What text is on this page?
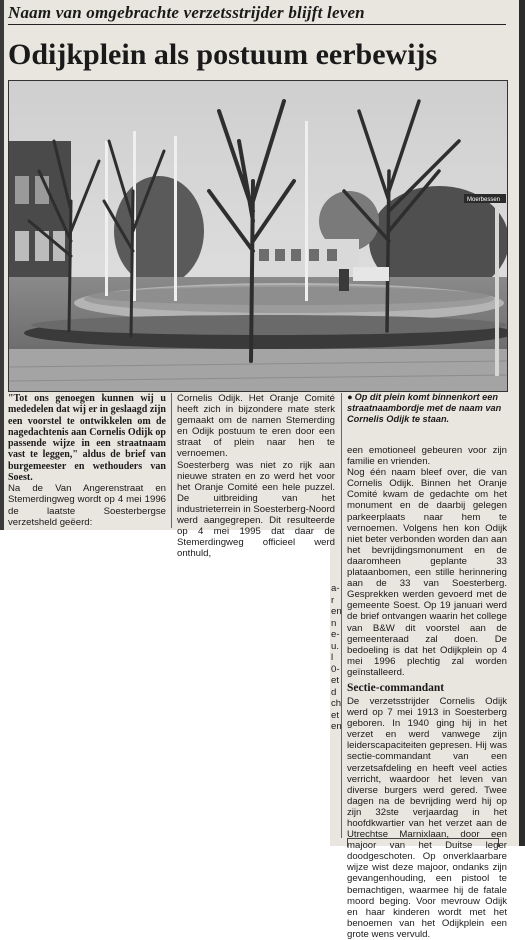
Naam van omgebrachte verzetsstrijder blijft leven
Odijkplein als postuum eerbewijs
Moerbessen
● Op dit plein komt binnenkort een straatnaambordje met de naam van Cornelis Odijk te staan.

"Tot ons genoegen kunnen wij u mededelen dat wij er in geslaagd zijn een voorstel te ontwikkelen om de nagedachtenis aan Cornelis Odijk op passende wijze in een straatnaam vast te leggen," aldus de brief van burgemeester en wethouders van Soest.

Na de Van Angerenstraat en Stemerdingweg wordt op 4 mei 1996 de laatste Soesterbergse verzetsheld geëerd:

Cornelis Odijk. Het Oranje Comité heeft zich in bijzondere mate sterk gemaakt om de namen Stemerding en Odijk postuum te eren door een straat of plein naar hen te vernoemen.

Soesterberg was niet zo rijk aan nieuwe straten en zo werd het voor het Oranje Comité een hele puzzel. De uitbreiding van het industrieterrein in Soesterberg-Noord werd aangegrepen. Dit resulteerde op 4 mei 1995 dat daar de Stemerdingweg officieel werd onthuld,

een emotioneel gebeuren voor zijn familie en vrienden.

Nog één naam bleef over, die van Cornelis Odijk. Binnen het Oranje Comité kwam de gedachte om het monument en de daarbij gelegen parkeerplaats naar hem te vernoemen. Volgens hen kon Odijk niet beter verbonden worden dan aan het bevrijdingsmonument en de daaromheen geplante 33 plataanbomen, een stille herinnering aan de 33 van Soesterberg. Gesprekken werden gevoerd met de gemeente Soest. Op 19 januari werd de brief ontvangen waarin het college van B&W dit voorstel aan de gemeenteraad zal doen. De bedoeling is dat het Odijkplein op 4 mei 1996 plechtig zal worden geïnstalleerd.

Sectie-commandant

De verzetsstrijder Cornelis Odijk werd op 7 mei 1913 in Soesterberg geboren. In 1940 ging hij in het verzet en werd vanwege zijn leiderscapaciteiten gepresen. Hij was sectie-commandant van een verzetsafdeling en heeft veel acties verricht, waardoor het leven van diverse burgers werd gered. Twee dagen na de bevrijding werd hij op zijn 32ste verjaardag in het hoofdkwartier van het verzet aan de Utrechtse Marnixlaan, door een majoor van het Duitse leger doodgeschoten. Op onverklaarbare wijze wist deze majoor, ondanks zijn gevangenhouding, een pistool te bemachtigen, waarmee hij de fatale moord beging. Voor mevrouw Odijk en haar kinderen wordt met het benoemen van het Odijkplein een grote wens vervuld.

a-
r
en
n
e-
u.
l
0-
et
d
ch
et
en
